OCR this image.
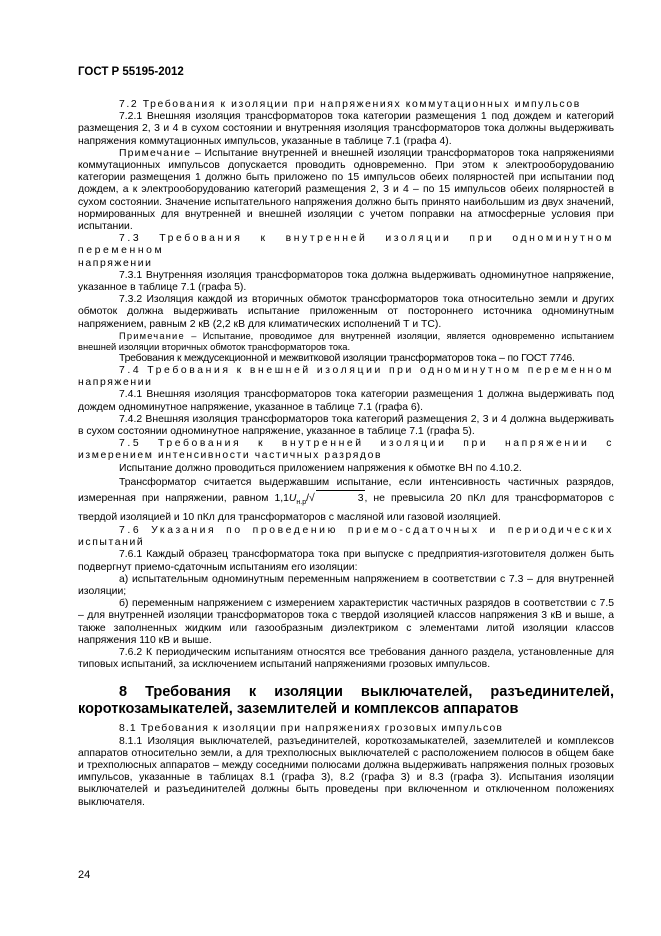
ГОСТ Р 55195-2012

7.2 Требования к изоляции при напряжениях коммутационных импульсов

7.2.1 Внешняя изоляция трансформаторов тока категории размещения 1 под дождем и категорий размещения 2, 3 и 4 в сухом состоянии и внутренняя изоляция трансформаторов тока должны выдерживать напряжения коммутационных импульсов, указанные в таблице 7.1 (графа 4).

Примечание – Испытание внутренней и внешней изоляции трансформаторов тока напряжениями коммутационных импульсов допускается проводить одновременно. При этом к электрооборудованию категории размещения 1 должно быть приложено по 15 импульсов обеих полярностей при испытании под дождем, а к электрооборудованию категорий размещения 2, 3 и 4 – по 15 импульсов обеих полярностей в сухом состоянии. Значение испытательного напряжения должно быть принято наибольшим из двух значений, нормированных для внутренней и внешней изоляции с учетом поправки на атмосферные условия при испытании.

7.3 Требования к внутренней изоляции при одноминутном переменном

напряжении

7.3.1 Внутренняя изоляция трансформаторов тока должна выдерживать одноминутное напряжение, указанное в таблице 7.1 (графа 5).

7.3.2 Изоляция каждой из вторичных обмоток трансформаторов тока относительно земли и других обмоток должна выдерживать испытание приложенным от постороннего источника одноминутным напряжением, равным 2 кВ (2,2 кВ для климатических исполнений Т и ТС).

Примечание – Испытание, проводимое для внутренней изоляции, является одновременно испытанием внешней изоляции вторичных обмоток трансформаторов тока.

Требования к междусекционной и межвитковой изоляции трансформаторов тока – по ГОСТ 7746.

7.4 Требования к внешней изоляции при одноминутном переменном

напряжении

7.4.1 Внешняя изоляция трансформаторов тока категории размещения 1 должна выдерживать под дождем одноминутное напряжение, указанное в таблице 7.1 (графа 6).

7.4.2 Внешняя изоляция трансформаторов тока категорий размещения 2, 3 и 4 должна выдерживать в сухом состоянии одноминутное напряжение, указанное в таблице 7.1 (графа 5).

7.5 Требования к внутренней изоляции при напряжении с

измерением интенсивности частичных разрядов

Испытание должно проводиться приложением напряжения к обмотке ВН по 4.10.2.

Трансформатор считается выдержавшим испытание, если интенсивность частичных разрядов, измеренная при напряжении, равном $1,1U_{н.р}/√$	3, не превысила 20 пКл для трансформаторов с твердой изоляцией и 10 пКл для трансформаторов с масляной или газовой изоляцией.

7.6 Указания по проведению приемо-сдаточных и периодических

испытаний

7.6.1 Каждый образец трансформатора тока при выпуске с предприятия-изготовителя должен быть подвергнут приемо-сдаточным испытаниям его изоляции:

а) испытательным одноминутным переменным напряжением в соответствии с 7.3 – для внутренней изоляции;

б) переменным напряжением с измерением характеристик частичных разрядов в соответствии с 7.5 – для внутренней изоляции трансформаторов тока с твердой изоляцией классов напряжения 3 кВ и выше, а также заполненных жидким или газообразным диэлектриком с элементами литой изоляции классов напряжения 110 кВ и выше.

7.6.2 К периодическим испытаниям относятся все требования данного раздела, установленные для типовых испытаний, за исключением испытаний напряжениями грозовых импульсов.

8 Требования к изоляции выключателей, разъединителей,
короткозамыкателей, заземлителей и комплексов аппаратов

8.1 Требования к изоляции при напряжениях грозовых импульсов

8.1.1 Изоляция выключателей, разъединителей, короткозамыкателей, заземлителей и комплексов аппаратов относительно земли, а для трехполюсных выключателей с расположением полюсов в общем баке и трехполюсных аппаратов – между соседними полюсами должна выдерживать напряжения полных грозовых импульсов, указанные в таблицах 8.1 (графа 3), 8.2 (графа 3) и 8.3 (графа 3). Испытания изоляции выключателей и разъединителей должны быть проведены при включенном и отключенном положениях выключателя.

24
